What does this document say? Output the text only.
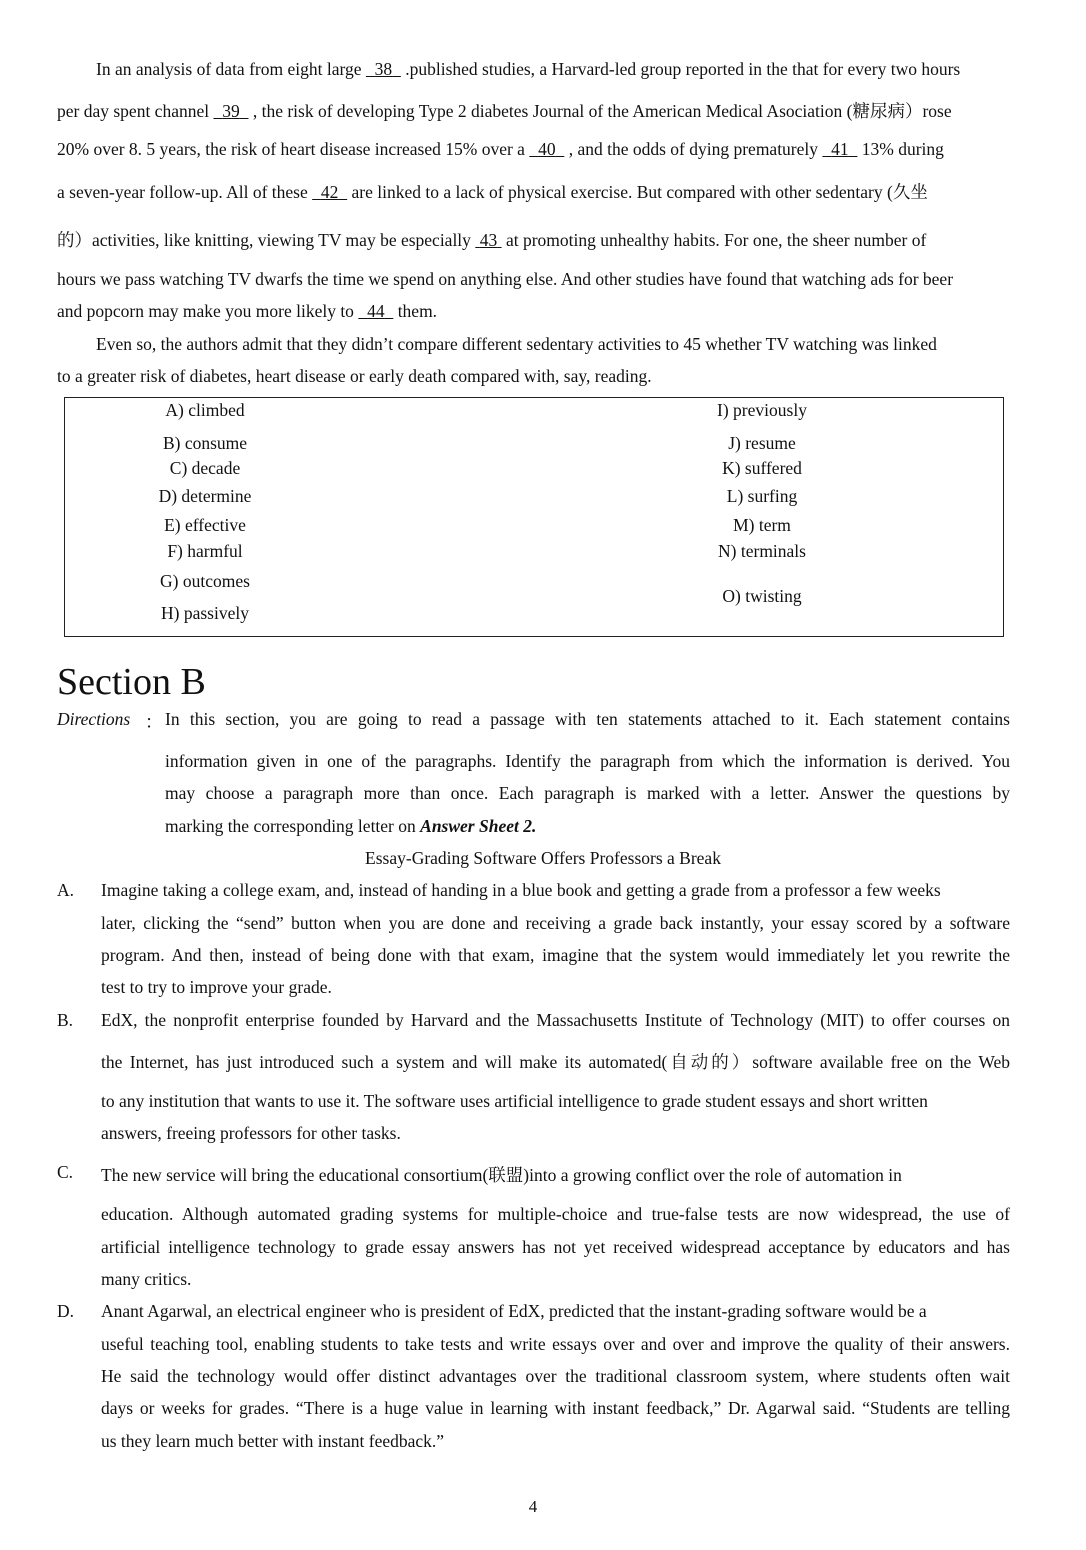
In an analysis of data from eight large   38   .published studies, a Harvard-led group reported in the that for every two hours
per day spent channel   39   , the risk of developing Type 2 diabetes Journal of the American Medical Asociation (糖尿病）rose
20% over 8. 5 years, the risk of heart disease increased 15% over a   40   , and the odds of dying prematurely   41   13% during
a seven-year follow-up. All of these   42   are linked to a lack of physical exercise. But compared with other sedentary (久坐
的）activities, like knitting, viewing TV may be especially  43  at promoting unhealthy habits. For one, the sheer number of
hours we pass watching TV dwarfs the time we spend on anything else. And other studies have found that watching ads for beer
and popcorn may make you more likely to   44   them.
Even so, the authors admit that they didn’t compare different sedentary activities to 45 whether TV watching was linked
to a greater risk of diabetes, heart disease or early death compared with, say, reading.
A) climbed
B) consume
C) decade
D) determine
E) effective
F) harmful
G) outcomes
H) passively
I) previously
J) resume
K) suffered
L) surfing
M) term
N) terminals
O) twisting
Section B
Directions ： In this section, you are going to read a passage with ten statements attached to it. Each statement contains
information given in one of the paragraphs. Identify the paragraph from which the information is derived. You
may choose a paragraph more than once. Each paragraph is marked with a letter. Answer the questions by
marking the corresponding letter on Answer Sheet 2.
Essay-Grading Software Offers Professors a Break
A. Imagine taking a college exam, and, instead of handing in a blue book and getting a grade from a professor a few weeks
later, clicking the “send” button when you are done and receiving a grade back instantly, your essay scored by a software
program. And then, instead of being done with that exam, imagine that the system would immediately let you rewrite the
test to try to improve your grade.
B. EdX, the nonprofit enterprise founded by Harvard and the Massachusetts Institute of Technology (MIT) to offer courses on
the Internet, has just introduced such a system and will make its automated(自动的）software available free on the Web
to any institution that wants to use it. The software uses artificial intelligence to grade student essays and short written
answers, freeing professors for other tasks.
C. The new service will bring the educational consortium(联盟)into a growing conflict over the role of automation in
education. Although automated grading systems for multiple-choice and true-false tests are now widespread, the use of
artificial intelligence technology to grade essay answers has not yet received widespread acceptance by educators and has
many critics.
D. Anant Agarwal, an electrical engineer who is president of EdX, predicted that the instant-grading software would be a
useful teaching tool, enabling students to take tests and write essays over and over and improve the quality of their answers.
He said the technology would offer distinct advantages over the traditional classroom system, where students often wait
days or weeks for grades. “There is a huge value in learning with instant feedback,” Dr. Agarwal said. “Students are telling
us they learn much better with instant feedback.”
4
